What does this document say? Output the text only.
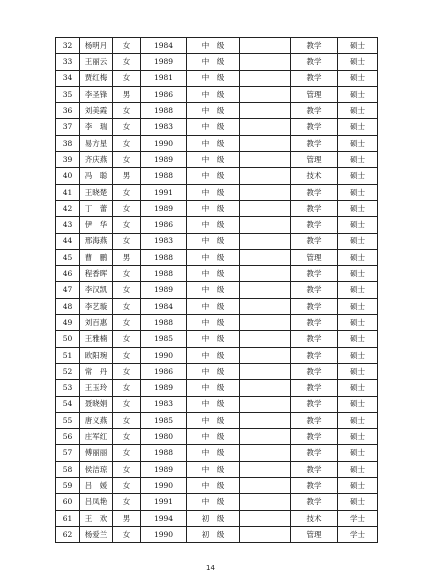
32	杨明月	女	1984	中　级		教学	硕士
33	王丽云	女	1989	中　级		教学	硕士
34	贾红梅	女	1981	中　级		教学	硕士
35	李圣锋	男	1986	中　级		管理	硕士
36	刘美霞	女	1988	中　级		教学	硕士
37	李　瑞	女	1983	中　级		教学	硕士
38	易方星	女	1990	中　级		教学	硕士
39	齐庆燕	女	1989	中　级		管理	硕士
40	冯　聪	男	1988	中　级		技术	硕士
41	王晓楚	女	1991	中　级		教学	硕士
42	丁　蕾	女	1989	中　级		教学	硕士
43	伊　华	女	1986	中　级		教学	硕士
44	邢海燕	女	1983	中　级		教学	硕士
45	曹　鹏	男	1988	中　级		管理	硕士
46	程香晖	女	1988	中　级		教学	硕士
47	李汉凯	女	1989	中　级		教学	硕士
48	李艺璇	女	1984	中　级		教学	硕士
49	刘百惠	女	1988	中　级		教学	硕士
50	王雅楠	女	1985	中　级		教学	硕士
51	欧阳琬	女	1990	中　级		教学	硕士
52	常　丹	女	1986	中　级		教学	硕士
53	王玉玲	女	1989	中　级		教学	硕士
54	聂晓娟	女	1983	中　级		教学	硕士
55	唐义燕	女	1985	中　级		教学	硕士
56	庄军红	女	1980	中　级		教学	硕士
57	傅丽丽	女	1988	中　级		教学	硕士
58	侯洁琼	女	1989	中　级		教学	硕士
59	吕　媛	女	1990	中　级		教学	硕士
60	吕凤艳	女	1991	中　级		教学	硕士
61	王　欢	男	1994	初　级		技术	学士
62	杨爱兰	女	1990	初　级		管理	学士
14
